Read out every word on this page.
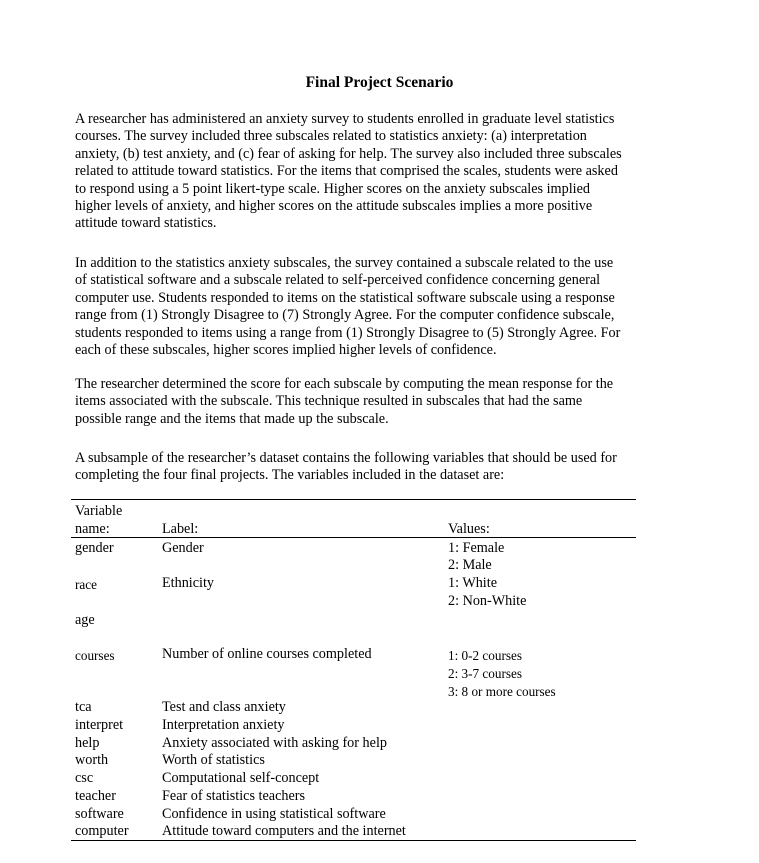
Final Project Scenario
A researcher has administered an anxiety survey to students enrolled in graduate level statistics
courses. The survey included three subscales related to statistics anxiety: (a) interpretation
anxiety, (b) test anxiety, and (c) fear of asking for help. The survey also included three subscales
related to attitude toward statistics. For the items that comprised the scales, students were asked
to respond using a 5 point likert-type scale. Higher scores on the anxiety subscales implied
higher levels of anxiety, and higher scores on the attitude subscales implies a more positive
attitude toward statistics.
In addition to the statistics anxiety subscales, the survey contained a subscale related to the use
of statistical software and a subscale related to self-perceived confidence concerning general
computer use. Students responded to items on the statistical software subscale using a response
range from (1) Strongly Disagree to (7) Strongly Agree. For the computer confidence subscale,
students responded to items using a range from (1) Strongly Disagree to (5) Strongly Agree. For
each of these subscales, higher scores implied higher levels of confidence.
The researcher determined the score for each subscale by computing the mean response for the
items associated with the subscale. This technique resulted in subscales that had the same
possible range and the items that made up the subscale.
A subsample of the researcher’s dataset contains the following variables that should be used for
completing the four final projects. The variables included in the dataset are:
Variable
name:	Label:	Values:
gender	Gender	1: Female
2: Male
race	Ethnicity	1: White
2: Non-White
age
courses	Number of online courses completed	1: 0-2 courses
2: 3-7 courses
3: 8 or more courses
tca	Test and class anxiety
interpret	Interpretation anxiety
help	Anxiety associated with asking for help
worth	Worth of statistics
csc	Computational self-concept
teacher	Fear of statistics teachers
software	Confidence in using statistical software
computer Attitude toward computers and the internet
